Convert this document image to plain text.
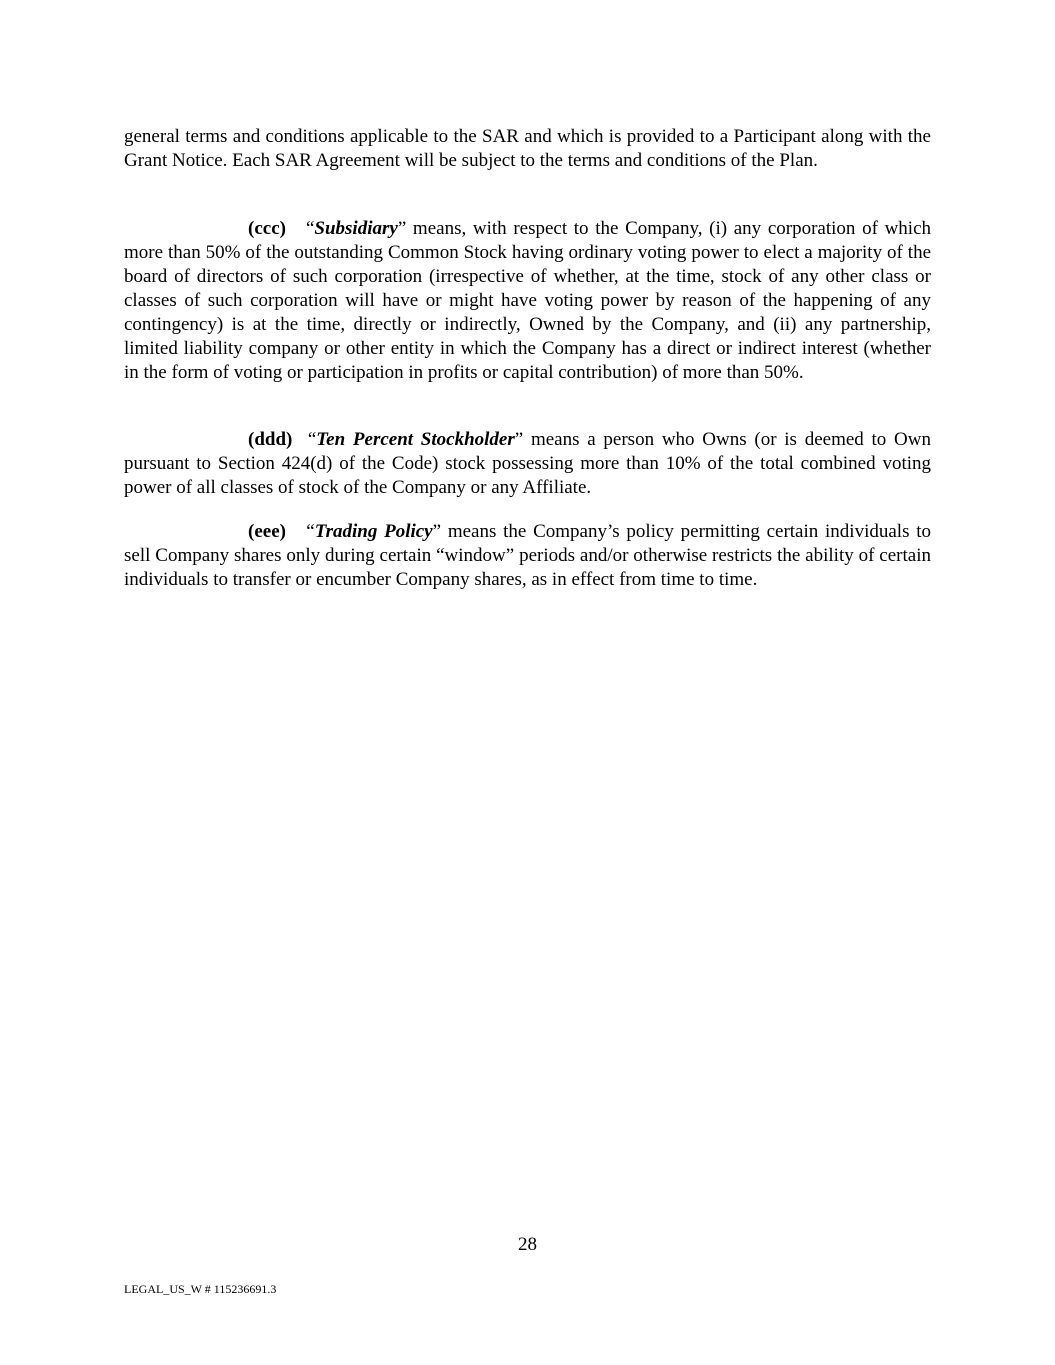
general terms and conditions applicable to the SAR and which is provided to a Participant along with the Grant Notice. Each SAR Agreement will be subject to the terms and conditions of the Plan.

(ccc) “Subsidiary” means, with respect to the Company, (i) any corporation of which more than 50% of the outstanding Common Stock having ordinary voting power to elect a majority of the board of directors of such corporation (irrespective of whether, at the time, stock of any other class or classes of such corporation will have or might have voting power by reason of the happening of any contingency) is at the time, directly or indirectly, Owned by the Company, and (ii) any partnership, limited liability company or other entity in which the Company has a direct or indirect interest (whether in the form of voting or participation in profits or capital contribution) of more than 50%.

(ddd) “Ten Percent Stockholder” means a person who Owns (or is deemed to Own pursuant to Section 424(d) of the Code) stock possessing more than 10% of the total combined voting power of all classes of stock of the Company or any Affiliate.

(eee) “Trading Policy” means the Company’s policy permitting certain individuals to sell Company shares only during certain “window” periods and/or otherwise restricts the ability of certain individuals to transfer or encumber Company shares, as in effect from time to time.

28
LEGAL_US_W # 115236691.3
